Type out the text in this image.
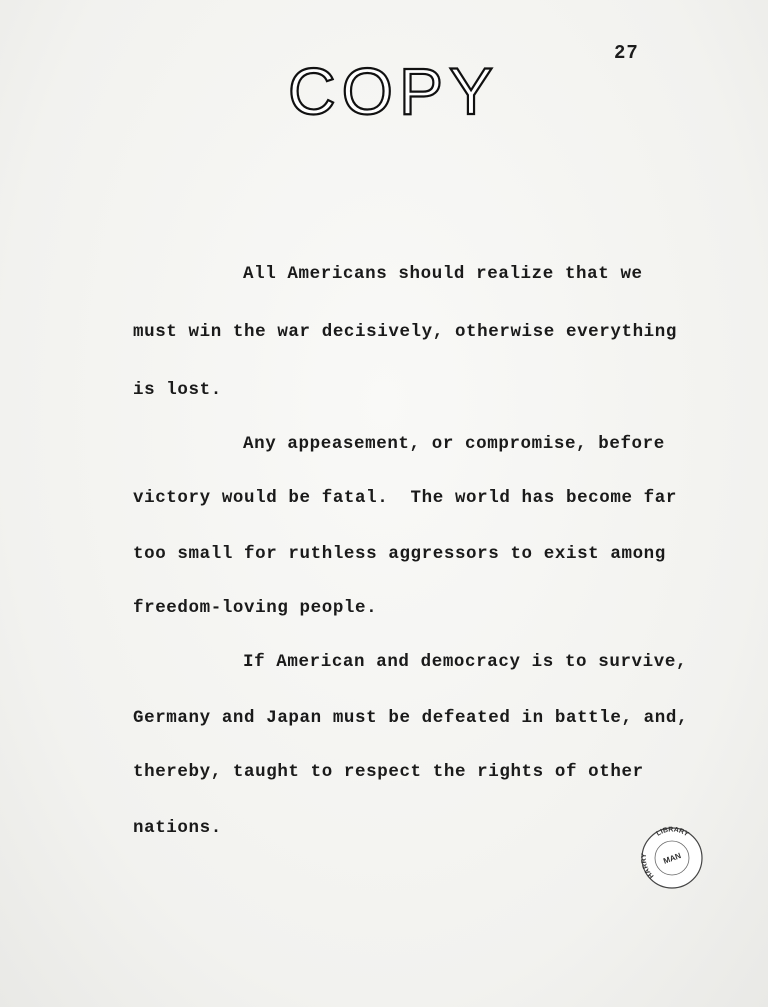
27
COPY
All Americans should realize that we
must win the war decisively, otherwise everything
is lost.
Any appeasement, or compromise, before
victory would be fatal.  The world has become far
too small for ruthless aggressors to exist among
freedom-loving people.
If American and democracy is to survive,
Germany and Japan must be defeated in battle, and,
thereby, taught to respect the rights of other
nations.
HARRY
LIBRARY
MAN
